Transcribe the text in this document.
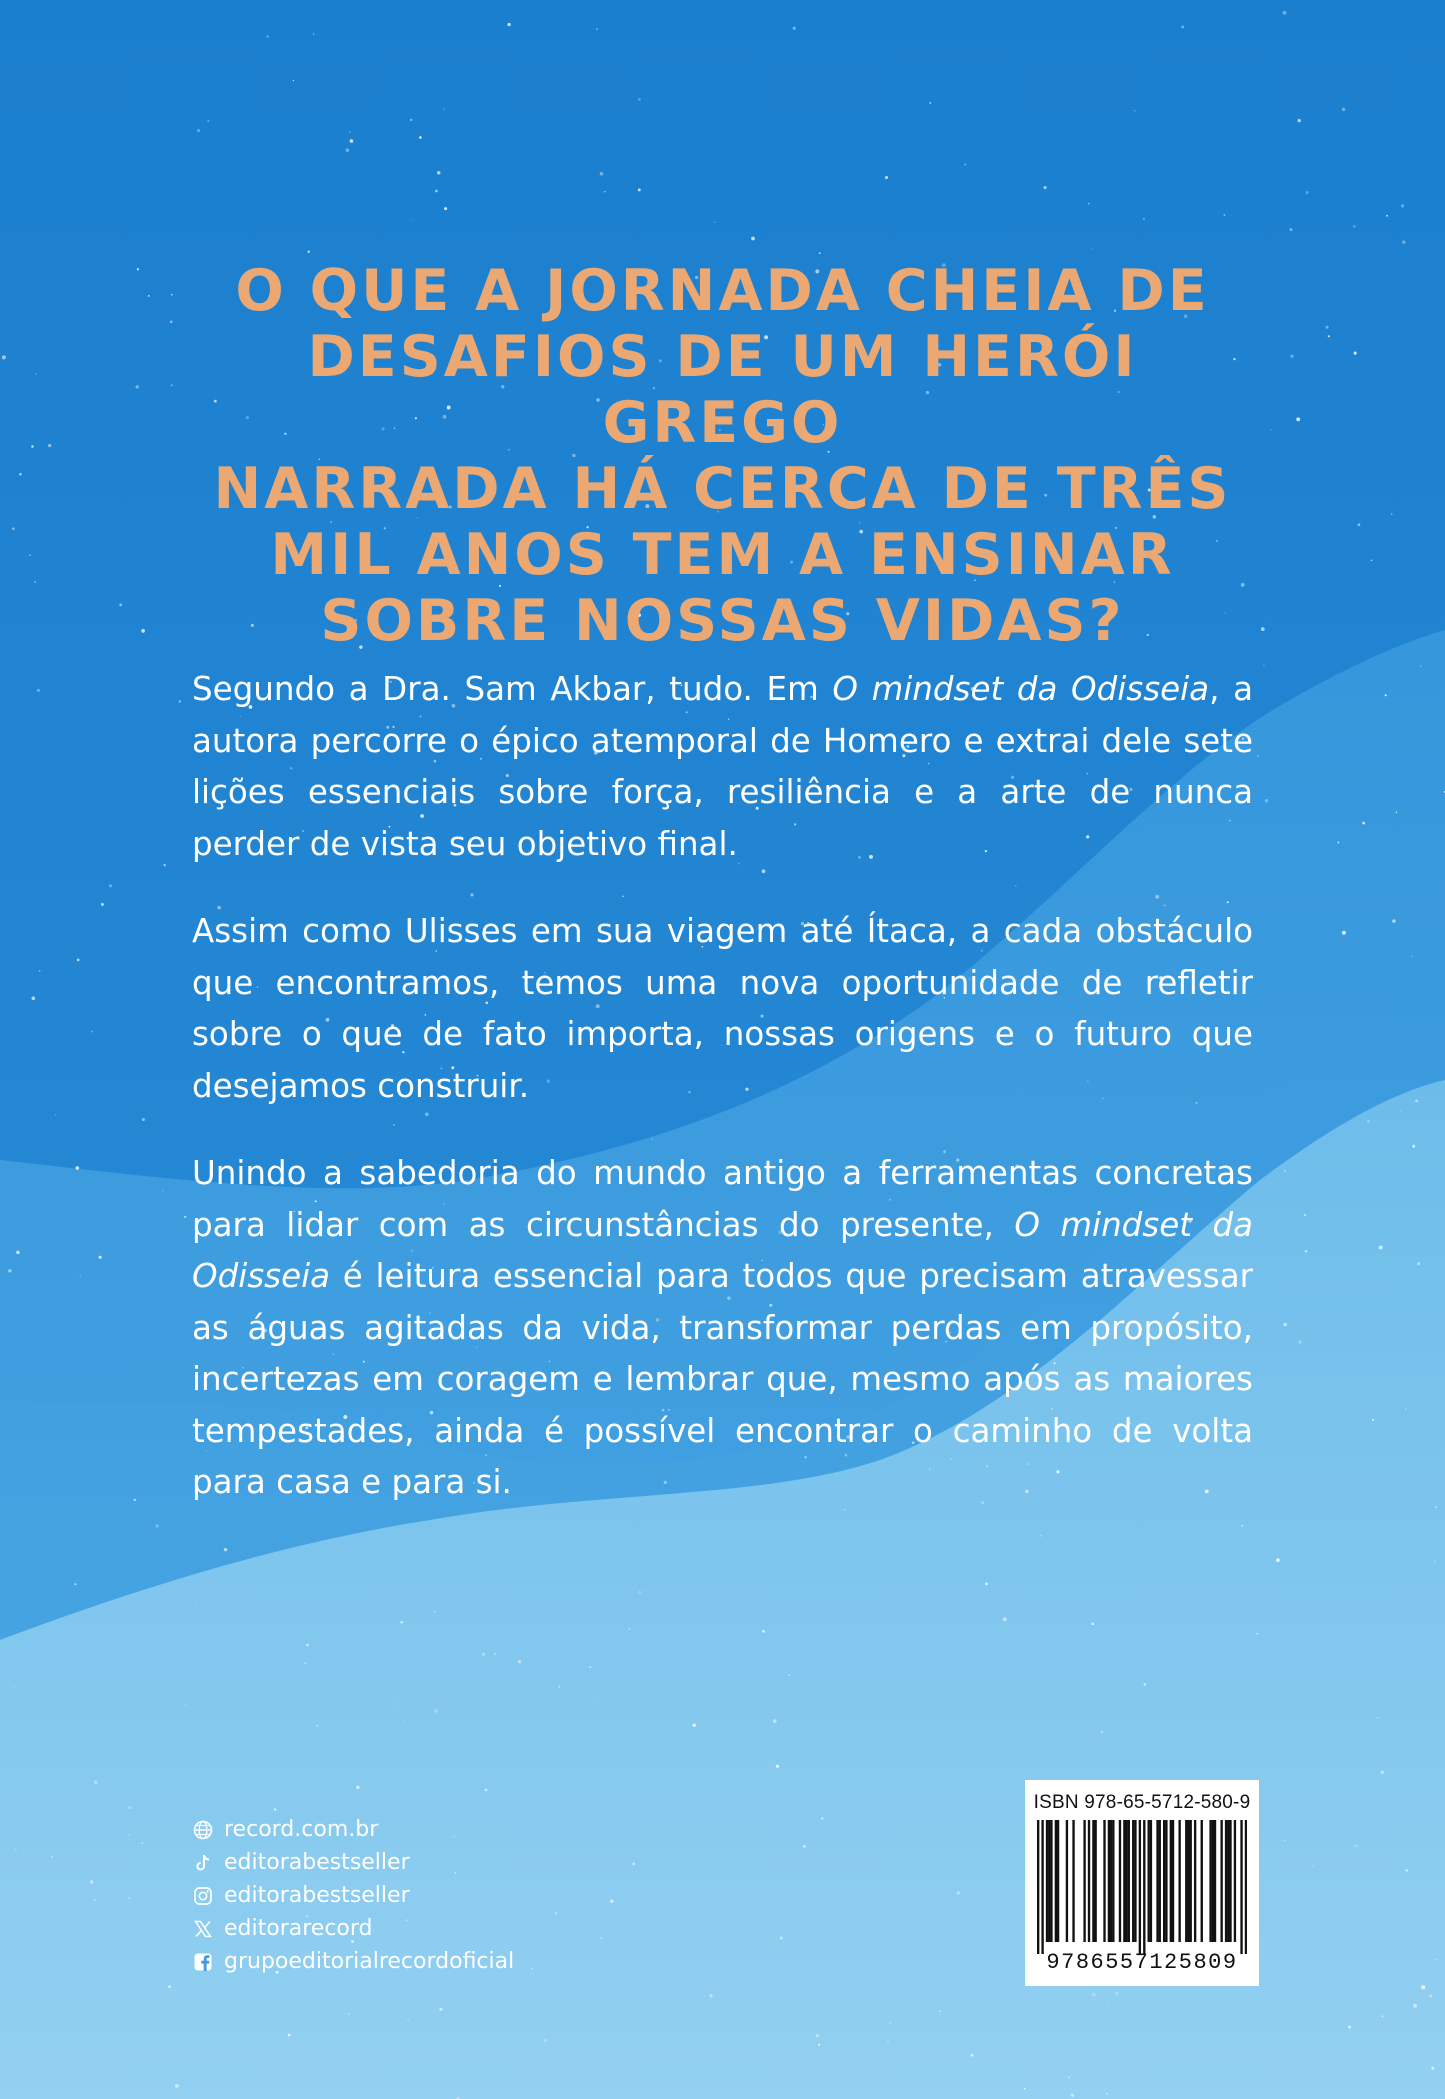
O QUE A JORNADA CHEIA DE
DESAFIOS DE UM HERÓI GREGO
NARRADA HÁ CERCA DE TRÊS
MIL ANOS TEM A ENSINAR
SOBRE NOSSAS VIDAS?

Segundo a Dra. Sam Akbar, tudo. Em O mindset da Odisseia, a autora percorre o épico atemporal de Homero e extrai dele sete lições essenciais sobre força, resiliência e a arte de nunca perder de vista seu objetivo final.

Assim como Ulisses em sua viagem até Ítaca, a cada obstáculo que encontramos, temos uma nova oportunidade de refletir sobre o que de fato importa, nossas origens e o futuro que desejamos construir.

Unindo a sabedoria do mundo antigo a ferramentas concretas para lidar com as circunstâncias do presente, O mindset da Odisseia é leitura essencial para todos que precisam atravessar as águas agitadas da vida, transformar perdas em propósito, incertezas em coragem e lembrar que, mesmo após as maiores tempestades, ainda é possível encontrar o caminho de volta para casa e para si.

record.com.br
editorabestseller
editorabestseller
editorarecord
grupoeditorialrecordoficial
ISBN 978-65-5712-580-9
9786557125809
